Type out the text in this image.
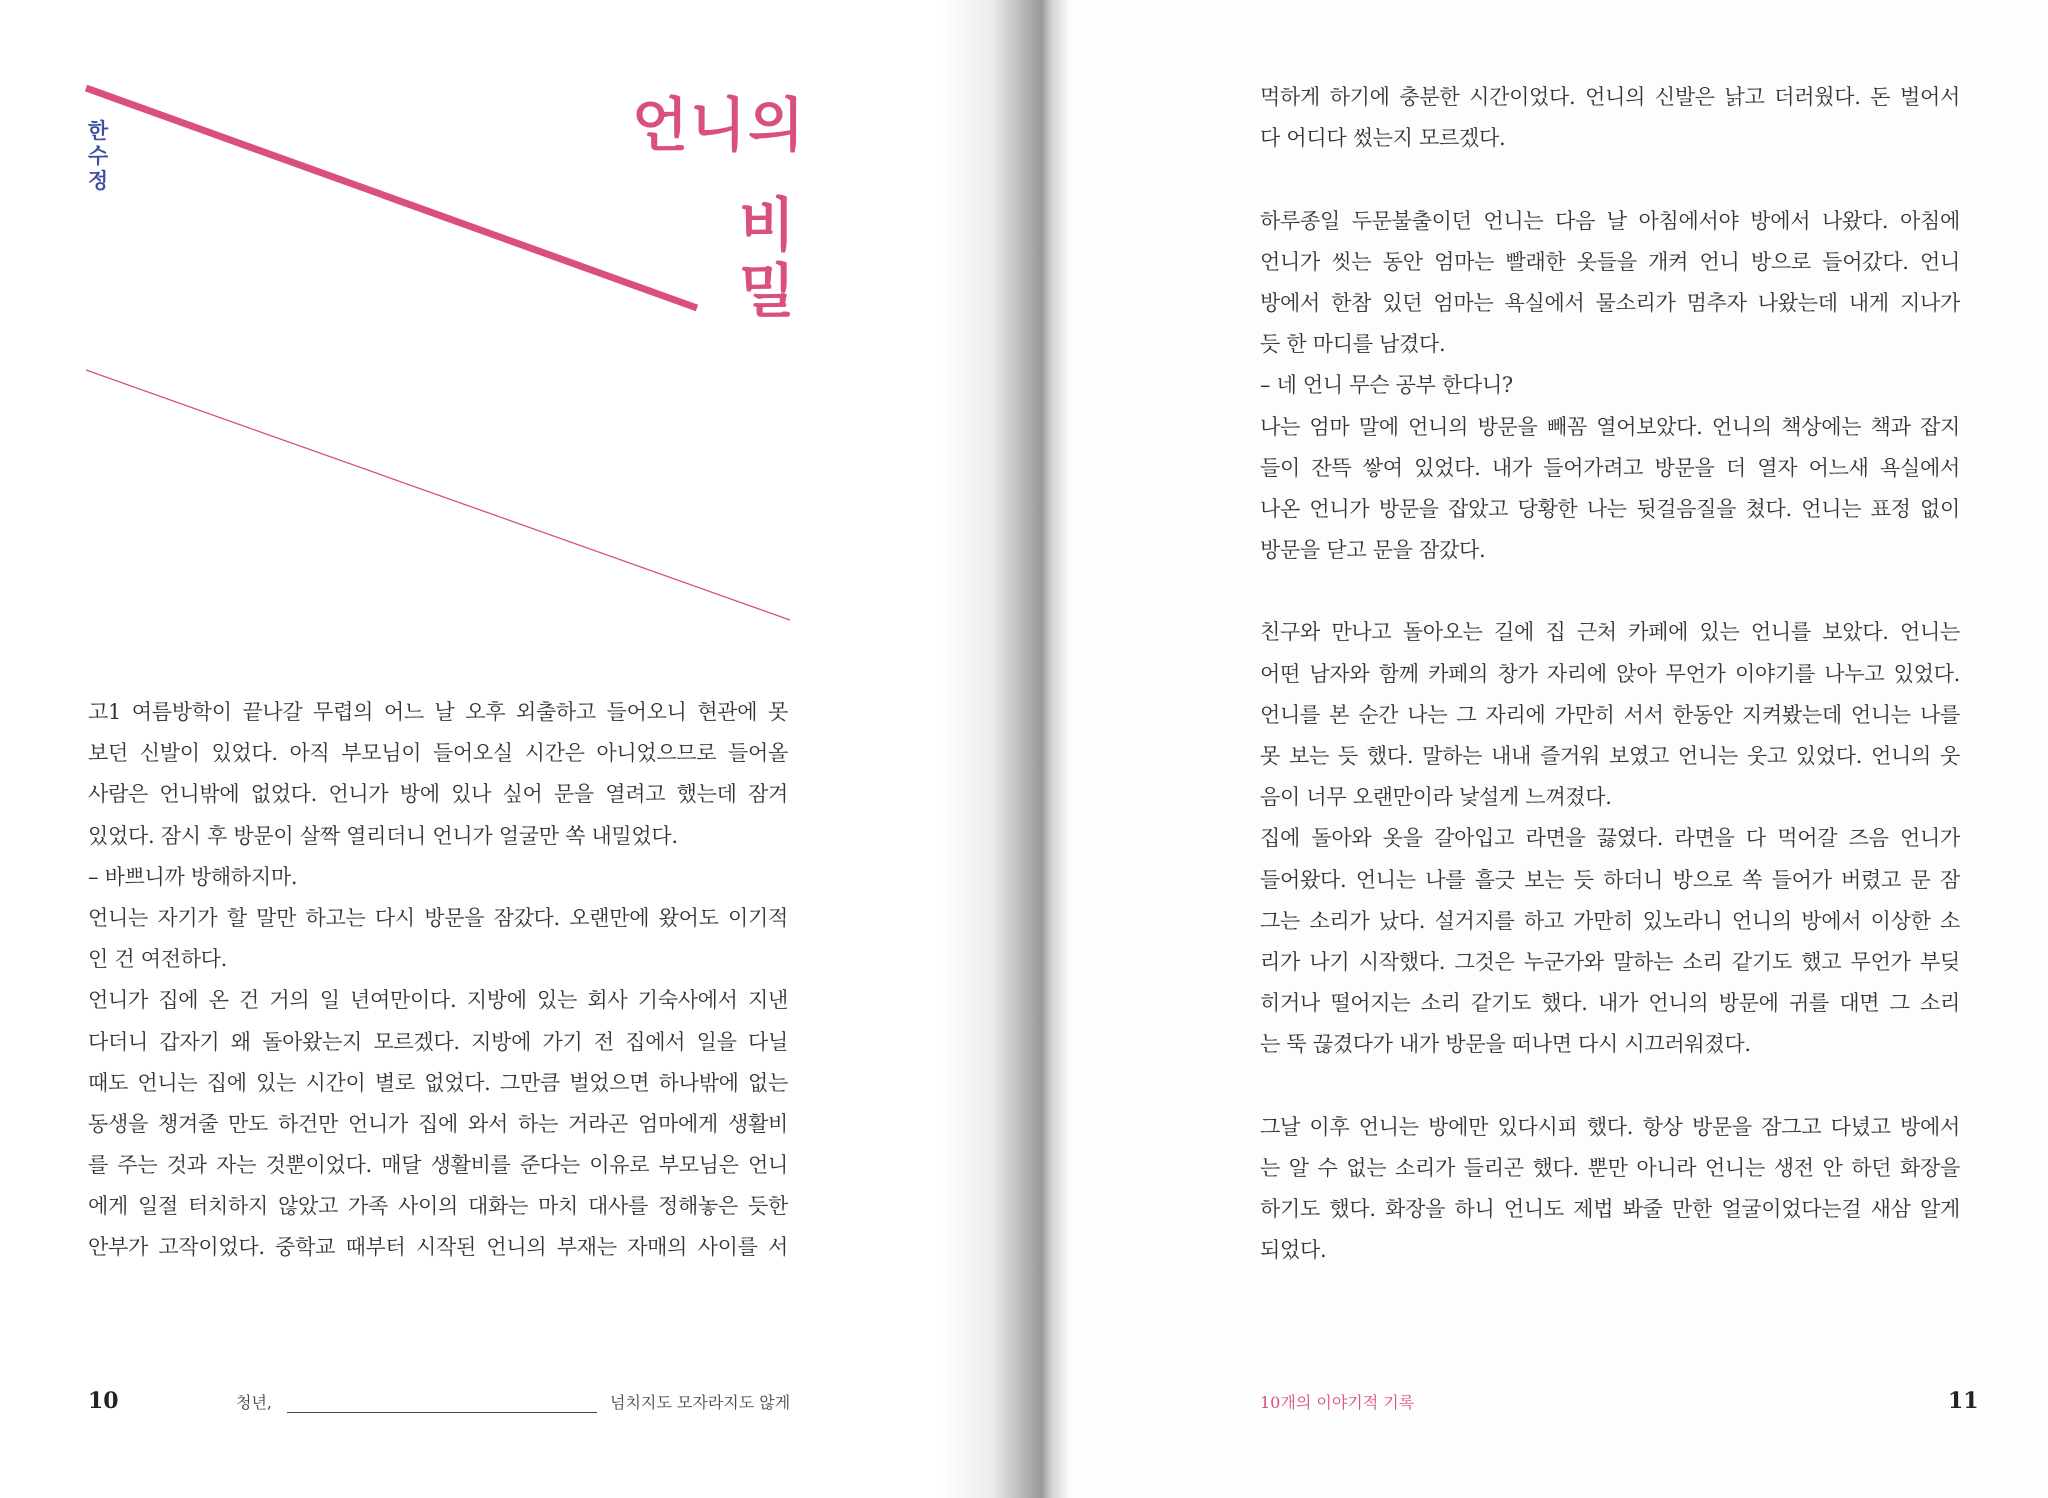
한
수
정
언니의
비
밀
고1 여름방학이 끝나갈 무렵의 어느 날 오후 외출하고 들어오니 현관에 못
보던 신발이 있었다. 아직 부모님이 들어오실 시간은 아니었으므로 들어올
사람은 언니밖에 없었다. 언니가 방에 있나 싶어 문을 열려고 했는데 잠겨
있었다. 잠시 후 방문이 살짝 열리더니 언니가 얼굴만 쏙 내밀었다.
– 바쁘니까 방해하지마.
언니는 자기가 할 말만 하고는 다시 방문을 잠갔다. 오랜만에 왔어도 이기적
인 건 여전하다.
언니가 집에 온 건 거의 일 년여만이다. 지방에 있는 회사 기숙사에서 지낸
다더니 갑자기 왜 돌아왔는지 모르겠다. 지방에 가기 전 집에서 일을 다닐
때도 언니는 집에 있는 시간이 별로 없었다. 그만큼 벌었으면 하나밖에 없는
동생을 챙겨줄 만도 하건만 언니가 집에 와서 하는 거라곤 엄마에게 생활비
를 주는 것과 자는 것뿐이었다. 매달 생활비를 준다는 이유로 부모님은 언니
에게 일절 터치하지 않았고 가족 사이의 대화는 마치 대사를 정해놓은 듯한
안부가 고작이었다. 중학교 때부터 시작된 언니의 부재는 자매의 사이를 서
10	청년,	넘치지도 모자라지도 않게
먹하게 하기에 충분한 시간이었다. 언니의 신발은 낡고 더러웠다. 돈 벌어서
다 어디다 썼는지 모르겠다.
하루종일 두문불출이던 언니는 다음 날 아침에서야 방에서 나왔다. 아침에
언니가 씻는 동안 엄마는 빨래한 옷들을 개켜 언니 방으로 들어갔다. 언니
방에서 한참 있던 엄마는 욕실에서 물소리가 멈추자 나왔는데 내게 지나가
듯 한 마디를 남겼다.
– 네 언니 무슨 공부 한다니?
나는 엄마 말에 언니의 방문을 빼꼼 열어보았다. 언니의 책상에는 책과 잡지
들이 잔뜩 쌓여 있었다. 내가 들어가려고 방문을 더 열자 어느새 욕실에서
나온 언니가 방문을 잡았고 당황한 나는 뒷걸음질을 쳤다. 언니는 표정 없이
방문을 닫고 문을 잠갔다.
친구와 만나고 돌아오는 길에 집 근처 카페에 있는 언니를 보았다. 언니는
어떤 남자와 함께 카페의 창가 자리에 앉아 무언가 이야기를 나누고 있었다.
언니를 본 순간 나는 그 자리에 가만히 서서 한동안 지켜봤는데 언니는 나를
못 보는 듯 했다. 말하는 내내 즐거워 보였고 언니는 웃고 있었다. 언니의 웃
음이 너무 오랜만이라 낯설게 느껴졌다.
집에 돌아와 옷을 갈아입고 라면을 끓였다. 라면을 다 먹어갈 즈음 언니가
들어왔다. 언니는 나를 흘긋 보는 듯 하더니 방으로 쏙 들어가 버렸고 문 잠
그는 소리가 났다. 설거지를 하고 가만히 있노라니 언니의 방에서 이상한 소
리가 나기 시작했다. 그것은 누군가와 말하는 소리 같기도 했고 무언가 부딪
히거나 떨어지는 소리 같기도 했다. 내가 언니의 방문에 귀를 대면 그 소리
는 뚝 끊겼다가 내가 방문을 떠나면 다시 시끄러워졌다.
그날 이후 언니는 방에만 있다시피 했다. 항상 방문을 잠그고 다녔고 방에서
는 알 수 없는 소리가 들리곤 했다. 뿐만 아니라 언니는 생전 안 하던 화장을
하기도 했다. 화장을 하니 언니도 제법 봐줄 만한 얼굴이었다는걸 새삼 알게
되었다.
10개의 이야기적 기록	11
